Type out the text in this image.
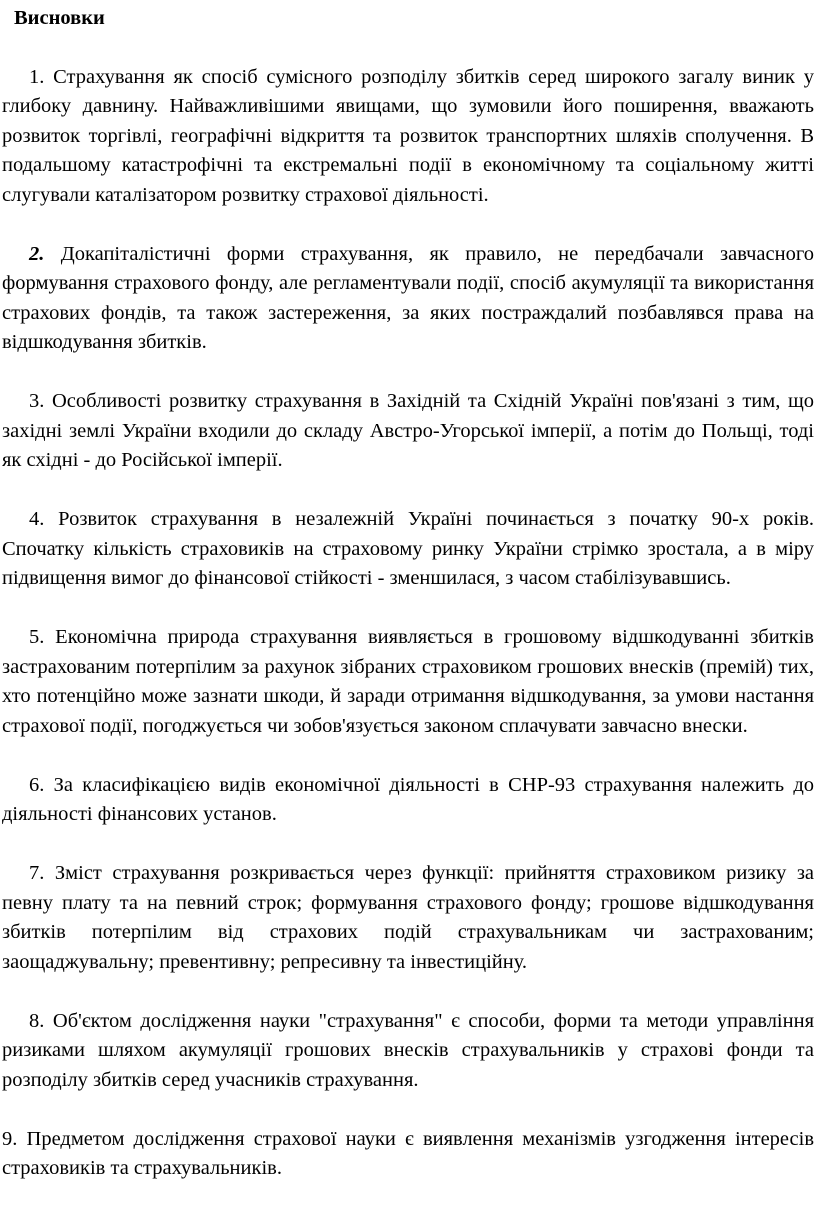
Висновки

1. Страхування як спосіб сумісного розподілу збитків серед широкого загалу виник у глибоку давнину. Найважливішими явищами, що зумовили його поширення, вважають розвиток торгівлі, географічні відкриття та розвиток транспортних шляхів сполучення. В подальшому катастрофічні та екстремальні події в економічному та соціальному житті слугували каталізатором розвитку страхової діяльності.

2. Докапіталістичні форми страхування, як правило, не передбачали завчасного формування страхового фонду, але регламентували події, спосіб акумуляції та використання страхових фондів, та також застереження, за яких постраждалий позбавлявся права на відшкодування збитків.

3. Особливості розвитку страхування в Західній та Східній Україні пов'язані з тим, що західні землі України входили до складу Австро-Угорської імперії, а потім до Польщі, тоді як східні - до Російської імперії.

4. Розвиток страхування в незалежній Україні починається з початку 90-х років. Спочатку кількість страховиків на страховому ринку України стрімко зростала, а в міру підвищення вимог до фінансової стійкості - зменшилася, з часом стабілізувавшись.

5. Економічна природа страхування виявляється в грошовому відшкодуванні збитків застрахованим потерпілим за рахунок зібраних страховиком грошових внесків (премій) тих, хто потенційно може зазнати шкоди, й заради отримання відшкодування, за умови настання страхової події, погоджується чи зобов'язується законом сплачувати завчасно внески.

6. За класифікацією видів економічної діяльності в СНР-93 страхування належить до діяльності фінансових установ.

7. Зміст страхування розкривається через функції: прийняття страховиком ризику за певну плату та на певний строк; формування страхового фонду; грошове відшкодування збитків потерпілим від страхових подій страхувальникам чи застрахованим; заощаджувальну; превентивну; репресивну та інвестиційну.

8. Об'єктом дослідження науки "страхування" є способи, форми та методи управління ризиками шляхом акумуляції грошових внесків страхувальників у страхові фонди та розподілу збитків серед учасників страхування.

9. Предметом дослідження страхової науки є виявлення механізмів узгодження інтересів страховиків та страхувальників.
